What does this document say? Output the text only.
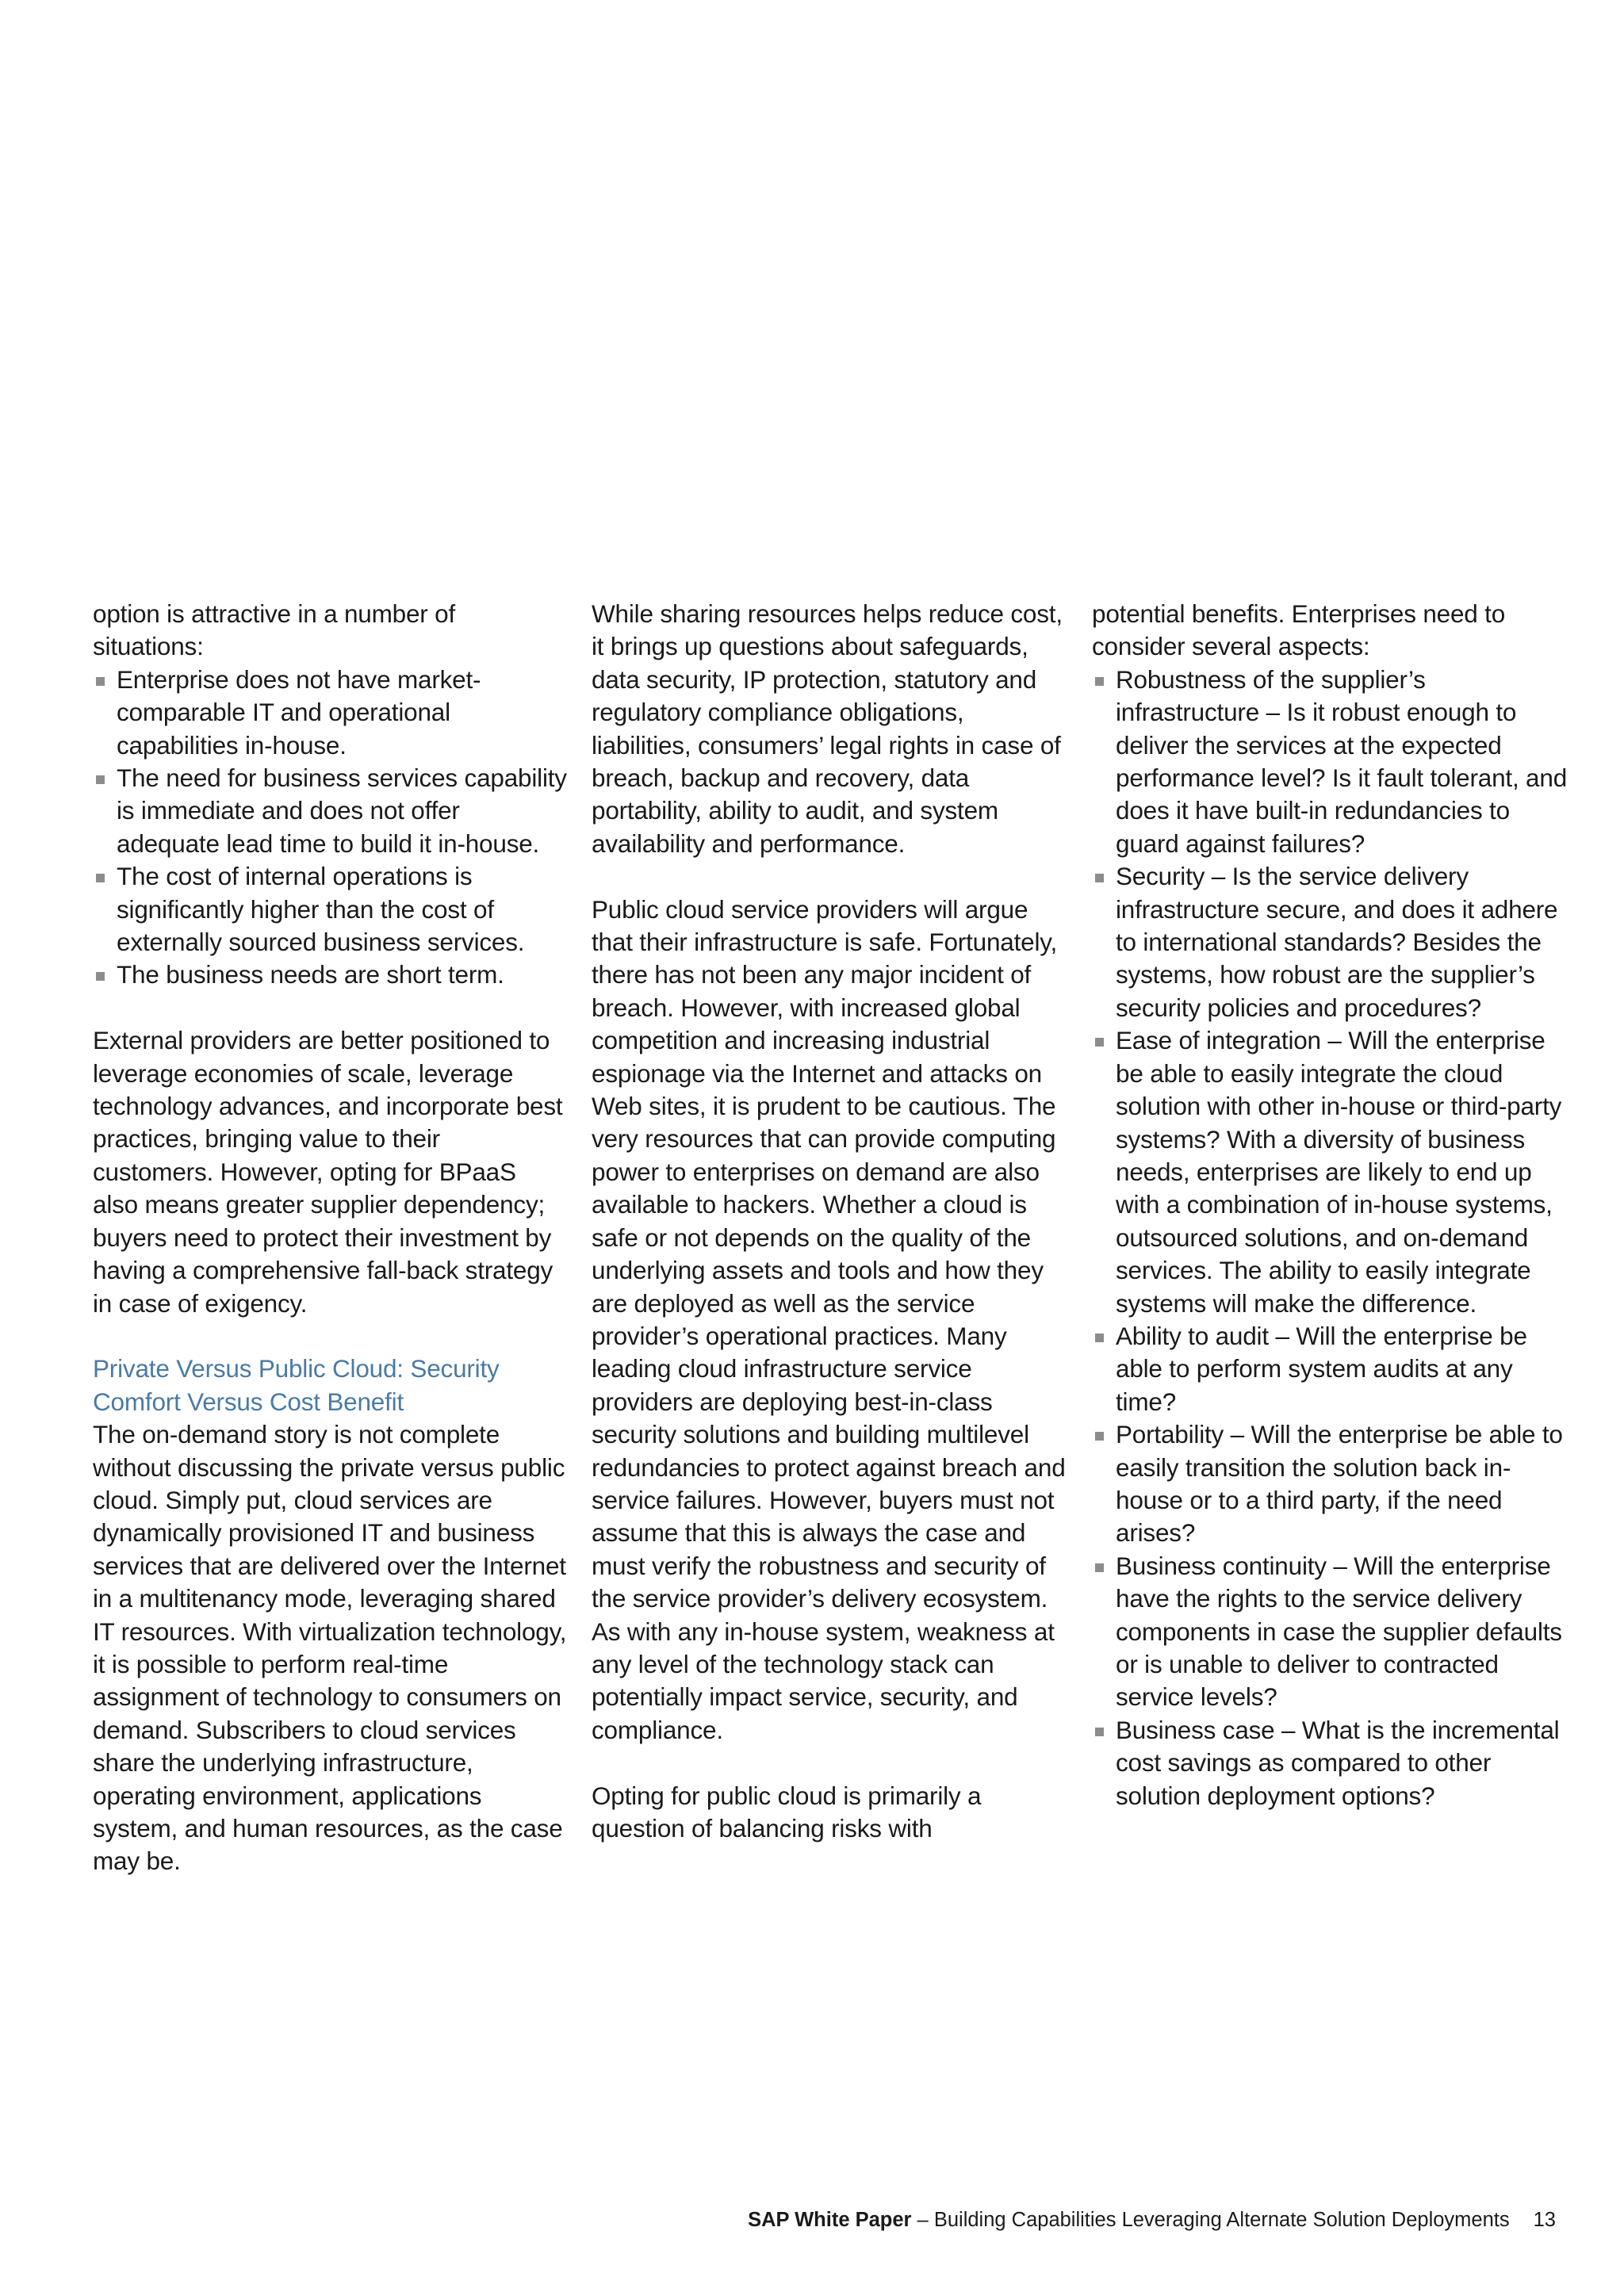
option is attractive in a number of situations:

Enterprise does not have market-comparable IT and operational capabilities in-house.
The need for business services capability is immediate and does not offer adequate lead time to build it in-house.
The cost of internal operations is significantly higher than the cost of externally sourced business services.
The business needs are short term.

External providers are better positioned to leverage economies of scale, leverage technology advances, and incorporate best practices, bringing value to their customers. However, opting for BPaaS also means greater supplier dependency; buyers need to protect their investment by having a comprehensive fall-back strategy in case of exigency.

Private Versus Public Cloud: Security
Comfort Versus Cost Benefit

The on-demand story is not complete without discussing the private versus public cloud. Simply put, cloud services are dynamically provisioned IT and business services that are delivered over the Internet in a multitenancy mode, leveraging shared IT resources. With virtualization technology, it is possible to perform real-time assignment of technology to consumers on demand. Subscribers to cloud services share the underlying infrastructure, operating environment, applications system, and human resources, as the case may be.

While sharing resources helps reduce cost, it brings up questions about safeguards, data security, IP protection, statutory and regulatory compliance obligations, liabilities, consumers’ legal rights in case of breach, backup and recovery, data portability, ability to audit, and system availability and performance.

Public cloud service providers will argue that their infrastructure is safe. Fortunately, there has not been any major incident of breach. However, with increased global competition and increasing industrial espionage via the Internet and attacks on Web sites, it is prudent to be cautious. The very resources that can provide computing power to enterprises on demand are also available to hackers. Whether a cloud is safe or not depends on the quality of the underlying assets and tools and how they are deployed as well as the service provider’s operational practices. Many leading cloud infrastructure service providers are deploying best-in-class security solutions and building multilevel redundancies to protect against breach and service failures. However, buyers must not assume that this is always the case and must verify the robustness and security of the service provider’s delivery ecosystem. As with any in-house system, weakness at any level of the technology stack can potentially impact service, security, and compliance.

Opting for public cloud is primarily a question of balancing risks with

potential benefits. Enterprises need to consider several aspects:

Robustness of the supplier’s infrastructure – Is it robust enough to deliver the services at the expected performance level? Is it fault tolerant, and does it have built-in redundancies to guard against failures?
Security – Is the service delivery infrastructure secure, and does it adhere to international standards? Besides the systems, how robust are the supplier’s security policies and procedures?
Ease of integration – Will the enterprise be able to easily integrate the cloud solution with other in-house or third-party systems? With a diversity of business needs, enterprises are likely to end up with a combination of in-house systems, outsourced solutions, and on-demand services. The ability to easily integrate systems will make the difference.
Ability to audit – Will the enterprise be able to perform system audits at any time?
Portability – Will the enterprise be able to easily transition the solution back in-house or to a third party, if the need arises?
Business continuity – Will the enterprise have the rights to the service delivery components in case the supplier defaults or is unable to deliver to contracted service levels?
Business case – What is the incremental cost savings as compared to other solution deployment options?
SAP White Paper – Building Capabilities Leveraging Alternate Solution Deployments 13
